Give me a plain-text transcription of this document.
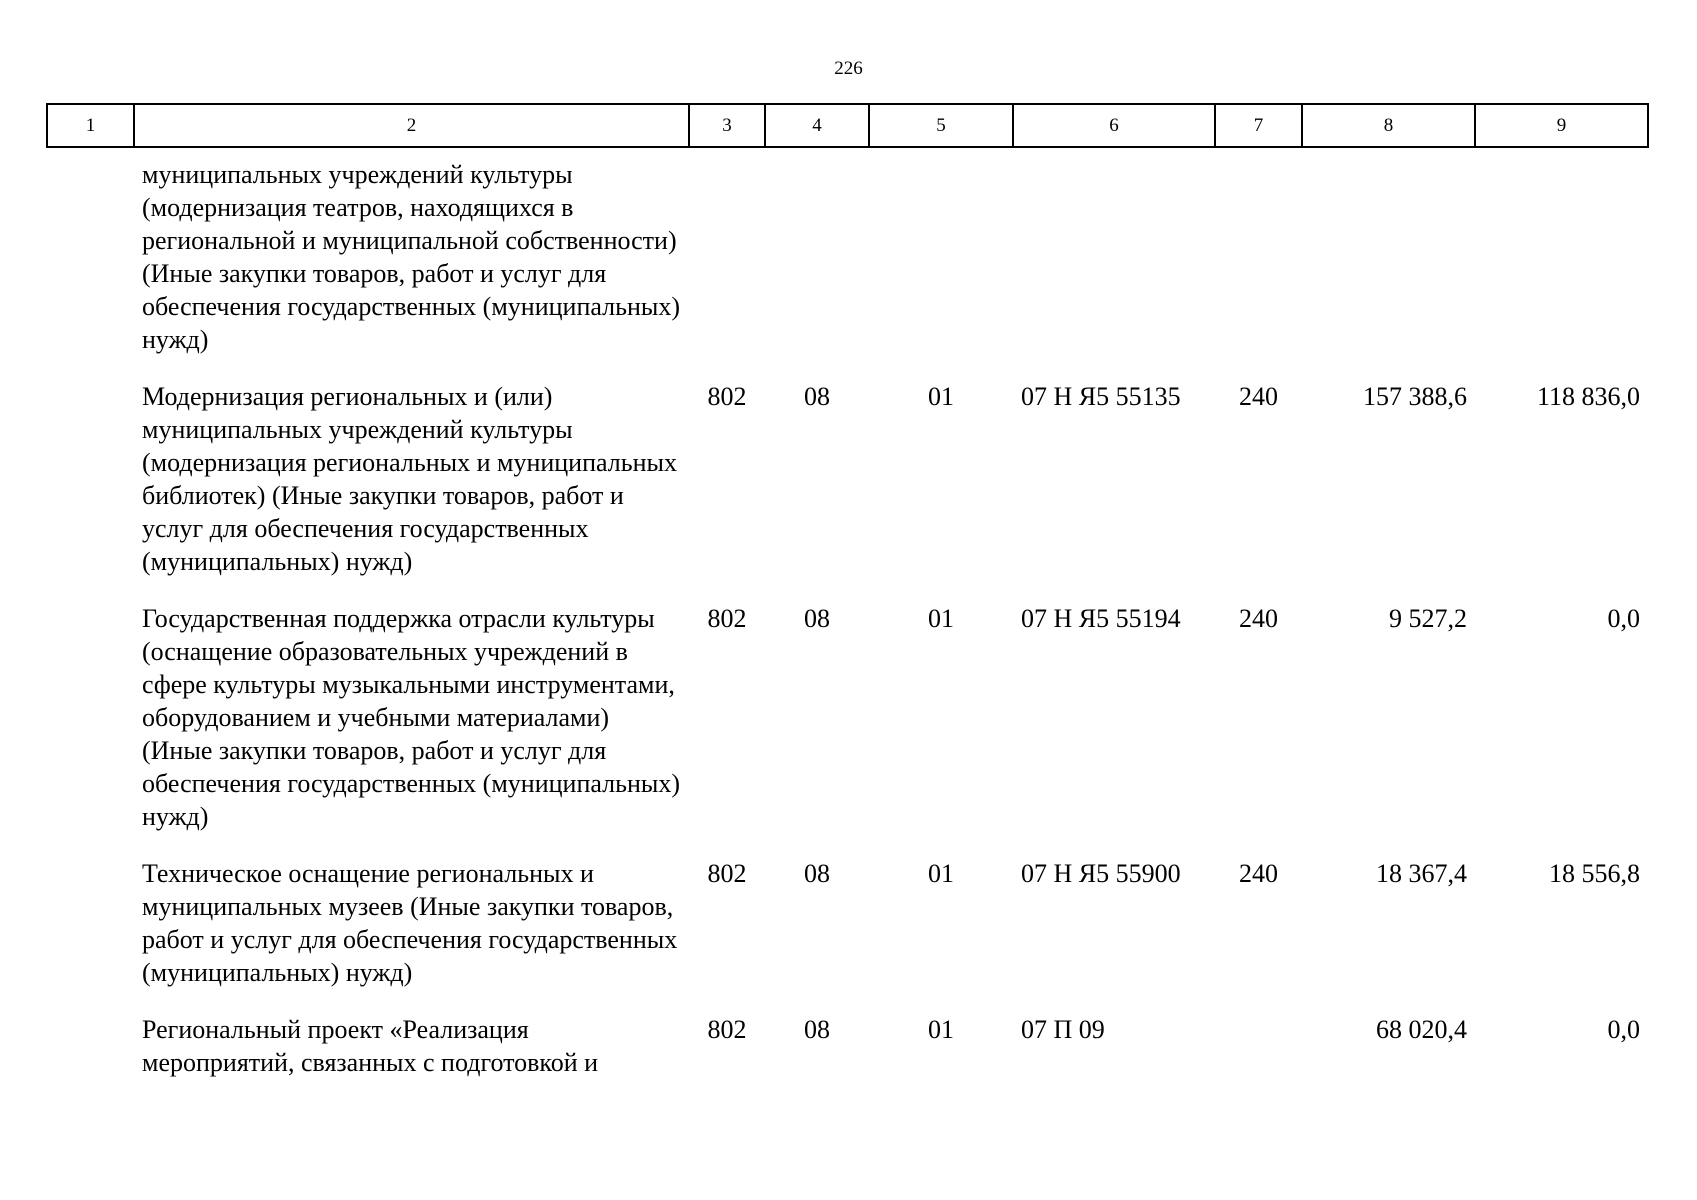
226
1	2	3	4	5	6	7	8	9
	муниципальных учреждений культуры (модернизация театров, находящихся в региональной и муниципальной собственности) (Иные закупки товаров, работ и услуг для обеспечения государственных (муниципальных) нужд)							
	Модернизация региональных и (или) муниципальных учреждений культуры (модернизация региональных и муниципальных библиотек) (Иные закупки товаров, работ и услуг для обеспечения государственных (муниципальных) нужд)	802	08	01	07 Н Я5 55135	240	157 388,6	118 836,0
	Государственная поддержка отрасли культуры (оснащение образовательных учреждений в сфере культуры музыкальными инструментами, оборудованием и учебными материалами) (Иные закупки товаров, работ и услуг для обеспечения государственных (муниципальных) нужд)	802	08	01	07 Н Я5 55194	240	9 527,2	0,0
	Техническое оснащение региональных и муниципальных музеев (Иные закупки товаров, работ и услуг для обеспечения государственных (муниципальных) нужд)	802	08	01	07 Н Я5 55900	240	18 367,4	18 556,8
	Региональный проект «Реализация мероприятий, связанных с подготовкой и	802	08	01	07 П 09		68 020,4	0,0
